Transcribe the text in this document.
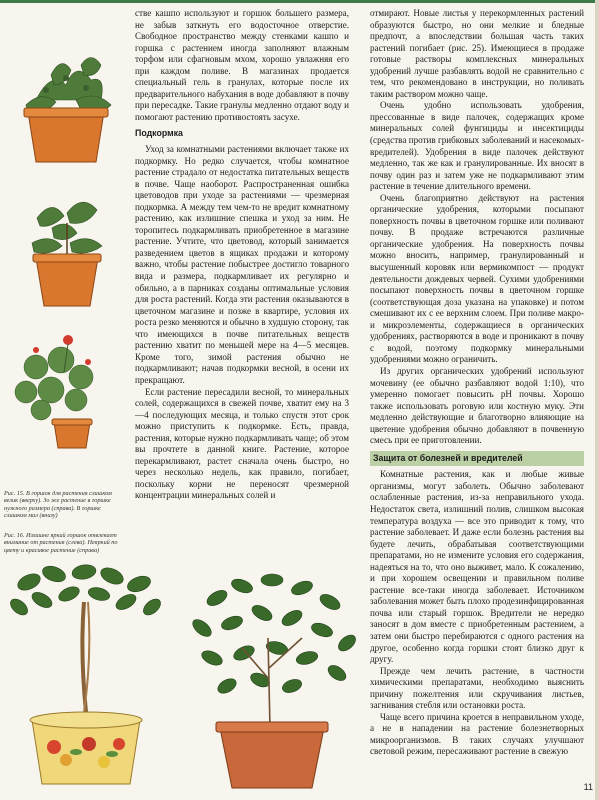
Рис. 15. В горшок для растения слишком велик (вверху). Зо же растение в горшке нужного размера (справа). В горшке слишком мал (внизу)
Рис. 16. Излишне яркий горшок отвлекает внимание от растения (слева). Неяркий по цвету и красивое растение (справа)

стве кашпо используют и горшок большего размера, не забыв заткнуть его водосточное отверстие. Свободное пространство между стенками кашпо и горшка с растением иногда заполняют влажным торфом или сфагновым мхом, хорошо увлажняя его при каждом поливе. В магазинах продается специальный гель в гранулах, которые после их предварительного набухания в воде добавляют в почву при пересадке. Такие гранулы медленно отдают воду и помогают растению противостоять засухе.

Подкормка

Уход за комнатными растениями включает также их подкормку. Но редко случается, чтобы комнатное растение страдало от недостатка питательных веществ в почве. Чаще наоборот. Распространенная ошибка цветоводов при уходе за растениями — чрезмерная подкормка. А между тем чем-то не вредит комнатному растению, как излишние спешка и уход за ним. Не торопитесь подкармливать приобретенное в магазине растение. Учтите, что цветовод, который занимается разведением цветов в ящиках продажи и которому важно, чтобы растение побыстрее достигло товарного вида и размера, подкармливает их регулярно и обильно, а в парниках созданы оптимальные условия для роста растений. Когда эти растения оказываются в цветочном магазине и позже в квартире, условия их роста резко меняются и обычно в худшую сторону, так что имеющихся в почве питательных веществ растению хватит по меньшей мере на 4—5 месяцев. Кроме того, зимой растения обычно не подкармливают; начав подкормки весной, в осени их прекращают.

Если растение пересадили весной, то минеральных солей, содержащихся в свежей почве, хватит ему на 3—4 последующих месяца, и только спустя этот срок можно приступить к подкормке. Есть, правда, растения, которые нужно подкармливать чаще; об этом вы прочтете в данной книге. Растение, которое перекармливают, растет сначала очень быстро, но через несколько недель, как правило, погибает, поскольку корни не переносят чрезмерной концентрации минеральных солей и

отмирают. Новые листья у перекормленных растений образуются быстро, но они мелкие и бледные предпочт, а впоследствии большая часть таких растений погибает (рис. 25). Имеющиеся в продаже готовые растворы комплексных минеральных удобрений лучше разбавлять водой не сравнительно с тем, что рекомендовано в инструкции, но поливать таким раствором можно чаще.

Очень удобно использовать удобрения, прессованные в виде палочек, содержащих кроме минеральных солей фунгициды и инсектициды (средства против грибковых заболеваний и насекомых-вредителей). Удобрения в виде палочек действуют медленно, так же как и гранулированные. Их вносят в почву один раз и затем уже не подкармливают этим растение в течение длительного времени.

Очень благоприятно действуют на растения органические удобрения, которыми посыпают поверхность почвы в цветочном горшке или поливают почву. В продаже встречаются различные органические удобрения. На поверхность почвы можно вносить, например, гранулированный и высушенный коровяк или вермикомпост — продукт деятельности дождевых червей. Сухими удобрениями посыпают поверхность почвы в цветочном горшке (соответствующая доза указана на упаковке) и потом смешивают их с ее верхним слоем. При поливе макро- и микроэлементы, содержащиеся в органических удобрениях, растворяются в воде и проникают в почву с водой, поэтому подкормку минеральными удобрениями можно ограничить.

Из других органических удобрений используют мочевину (ее обычно разбавляют водой 1:10), что умеренно помогает повысить pH почвы. Хорошо также использовать роговую или костную муку. Эти медленно действующие и благотворно влияющие на цветение удобрения обычно добавляют в почвенную смесь при ее приготовлении.

Защита от болезней и вредителей

Комнатные растения, как и любые живые организмы, могут заболеть. Обычно заболевают ослабленные растения, из-за неправильного ухода. Недостаток света, излишний полив, слишком высокая температура воздуха — все это приводит к тому, что растение заболевает. И даже если болезнь растения вы будете лечить, обрабатывая соответствующими препаратами, но не измените условия его содержания, надеяться на то, что оно выживет, мало. К сожалению, и при хорошем освещении и правильном поливе растение все-таки иногда заболевает. Источником заболевания может быть плохо продезинфицированная почва или старый горшок. Вредители не нередко заносят в дом вместе с приобретенным растением, а затем они быстро перебираются с одного растения на другое, особенно когда горшки стоят близко друг к другу.

Прежде чем лечить растение, в частности химическими препаратами, необходимо выяснить причину пожелтения или скручивания листьев, загнивания стебля или остановки роста.

Чаще всего причина кроется в неправильном уходе, а не в нападении на растение болезнетворных микроорганизмов. В таких случаях улучшают световой режим, пересаживают растение в свежую

11
